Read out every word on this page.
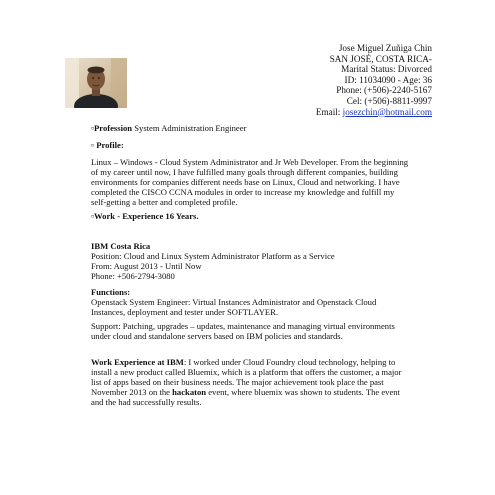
Jose Miguel Zuñiga Chin
SAN JOSÉ, COSTA RICA-
Marital Status: Divorced
ID: 11034090 - Age: 36
Phone: (+506)-2240-5167
Cel: (+506)-8811-9997
Email: josezchin@hotmail.com

▫Profession System Administration Engineer

▫ Profile:

Linux – Windows - Cloud System Administrator and Jr Web Developer. From the beginning of my career until now, I have fulfilled many goals through different companies, building environments for companies different needs base on Linux, Cloud and networking. I have completed the CISCO CCNA modules in order to increase my knowledge and fulfill my self-getting a better and completed profile.

▫Work - Experience 16 Years.

IBM Costa Rica

Position: Cloud and Linux System Administrator Platform as a Service

From: August 2013 - Until Now

Phone: +506-2794-3080

Functions:

Openstack System Engineer: Virtual Instances Administrator and Openstack Cloud Instances, deployment and tester under SOFTLAYER.

Support: Patching, upgrades – updates, maintenance and managing virtual environments under cloud and standalone servers based on IBM policies and standards.

Work Experience at IBM: I worked under Cloud Foundry cloud technology, helping to install a new product called Bluemix, which is a platform that offers the customer, a major list of apps based on their business needs. The major achievement took place the past November 2013 on the hackaton event, where bluemix was shown to students. The event and the had successfully results.
